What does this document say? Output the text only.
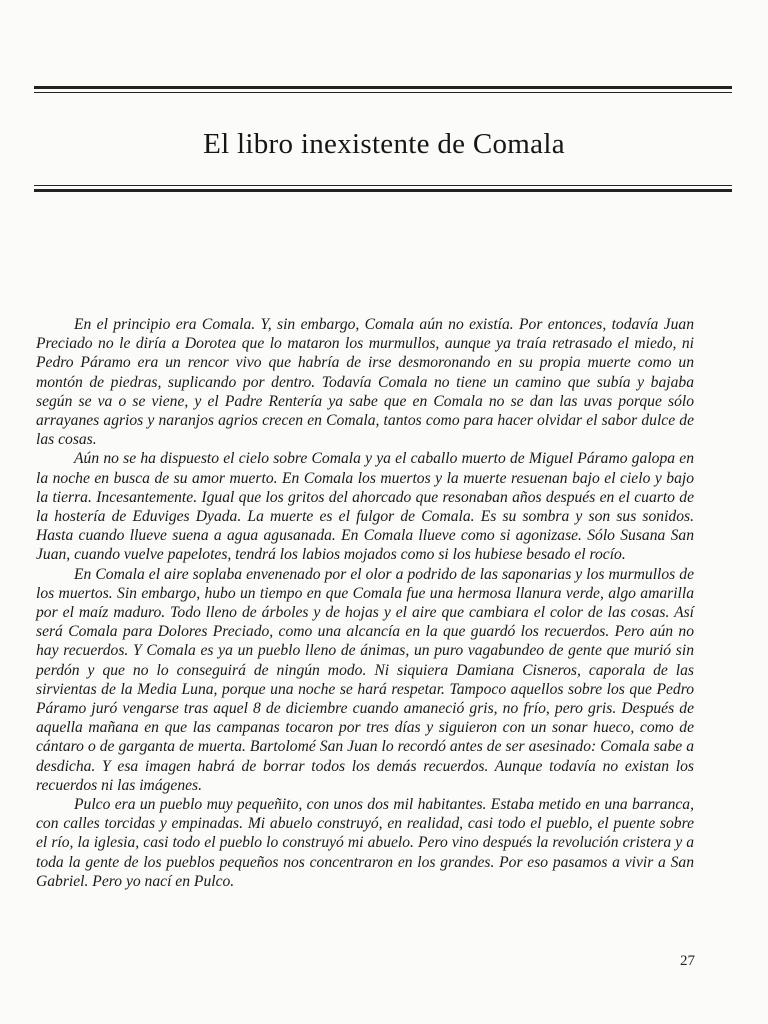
El libro inexistente de Comala

En el principio era Comala. Y, sin embargo, Comala aún no existía. Por entonces, todavía Juan Preciado no le diría a Dorotea que lo mataron los murmullos, aunque ya traía retrasado el miedo, ni Pedro Páramo era un rencor vivo que habría de irse desmoronando en su propia muerte como un montón de piedras, suplicando por dentro. Todavía Comala no tiene un camino que subía y bajaba según se va o se viene, y el Padre Rentería ya sabe que en Comala no se dan las uvas porque sólo arrayanes agrios y naranjos agrios crecen en Comala, tantos como para hacer olvidar el sabor dulce de las cosas.

Aún no se ha dispuesto el cielo sobre Comala y ya el caballo muerto de Miguel Páramo galopa en la noche en busca de su amor muerto. En Comala los muertos y la muerte resuenan bajo el cielo y bajo la tierra. Incesantemente. Igual que los gritos del ahorcado que resonaban años después en el cuarto de la hostería de Eduviges Dyada. La muerte es el fulgor de Comala. Es su sombra y son sus sonidos. Hasta cuando llueve suena a agua agusanada. En Comala llueve como si agonizase. Sólo Susana San Juan, cuando vuelve papelotes, tendrá los labios mojados como si los hubiese besado el rocío.

En Comala el aire soplaba envenenado por el olor a podrido de las saponarias y los murmullos de los muertos. Sin embargo, hubo un tiempo en que Comala fue una hermosa llanura verde, algo amarilla por el maíz maduro. Todo lleno de árboles y de hojas y el aire que cambiara el color de las cosas. Así será Comala para Dolores Preciado, como una alcancía en la que guardó los recuerdos. Pero aún no hay recuerdos. Y Comala es ya un pueblo lleno de ánimas, un puro vagabundeo de gente que murió sin perdón y que no lo conseguirá de ningún modo. Ni siquiera Damiana Cisneros, caporala de las sirvientas de la Media Luna, porque una noche se hará respetar. Tampoco aquellos sobre los que Pedro Páramo juró vengarse tras aquel 8 de diciembre cuando amaneció gris, no frío, pero gris. Después de aquella mañana en que las campanas tocaron por tres días y siguieron con un sonar hueco, como de cántaro o de garganta de muerta. Bartolomé San Juan lo recordó antes de ser asesinado: Comala sabe a desdicha. Y esa imagen habrá de borrar todos los demás recuerdos. Aunque todavía no existan los recuerdos ni las imágenes.

Pulco era un pueblo muy pequeñito, con unos dos mil habitantes. Estaba metido en una barranca, con calles torcidas y empinadas. Mi abuelo construyó, en realidad, casi todo el pueblo, el puente sobre el río, la iglesia, casi todo el pueblo lo construyó mi abuelo. Pero vino después la revolución cristera y a toda la gente de los pueblos pequeños nos concentraron en los grandes. Por eso pasamos a vivir a San Gabriel. Pero yo nací en Pulco.

27
